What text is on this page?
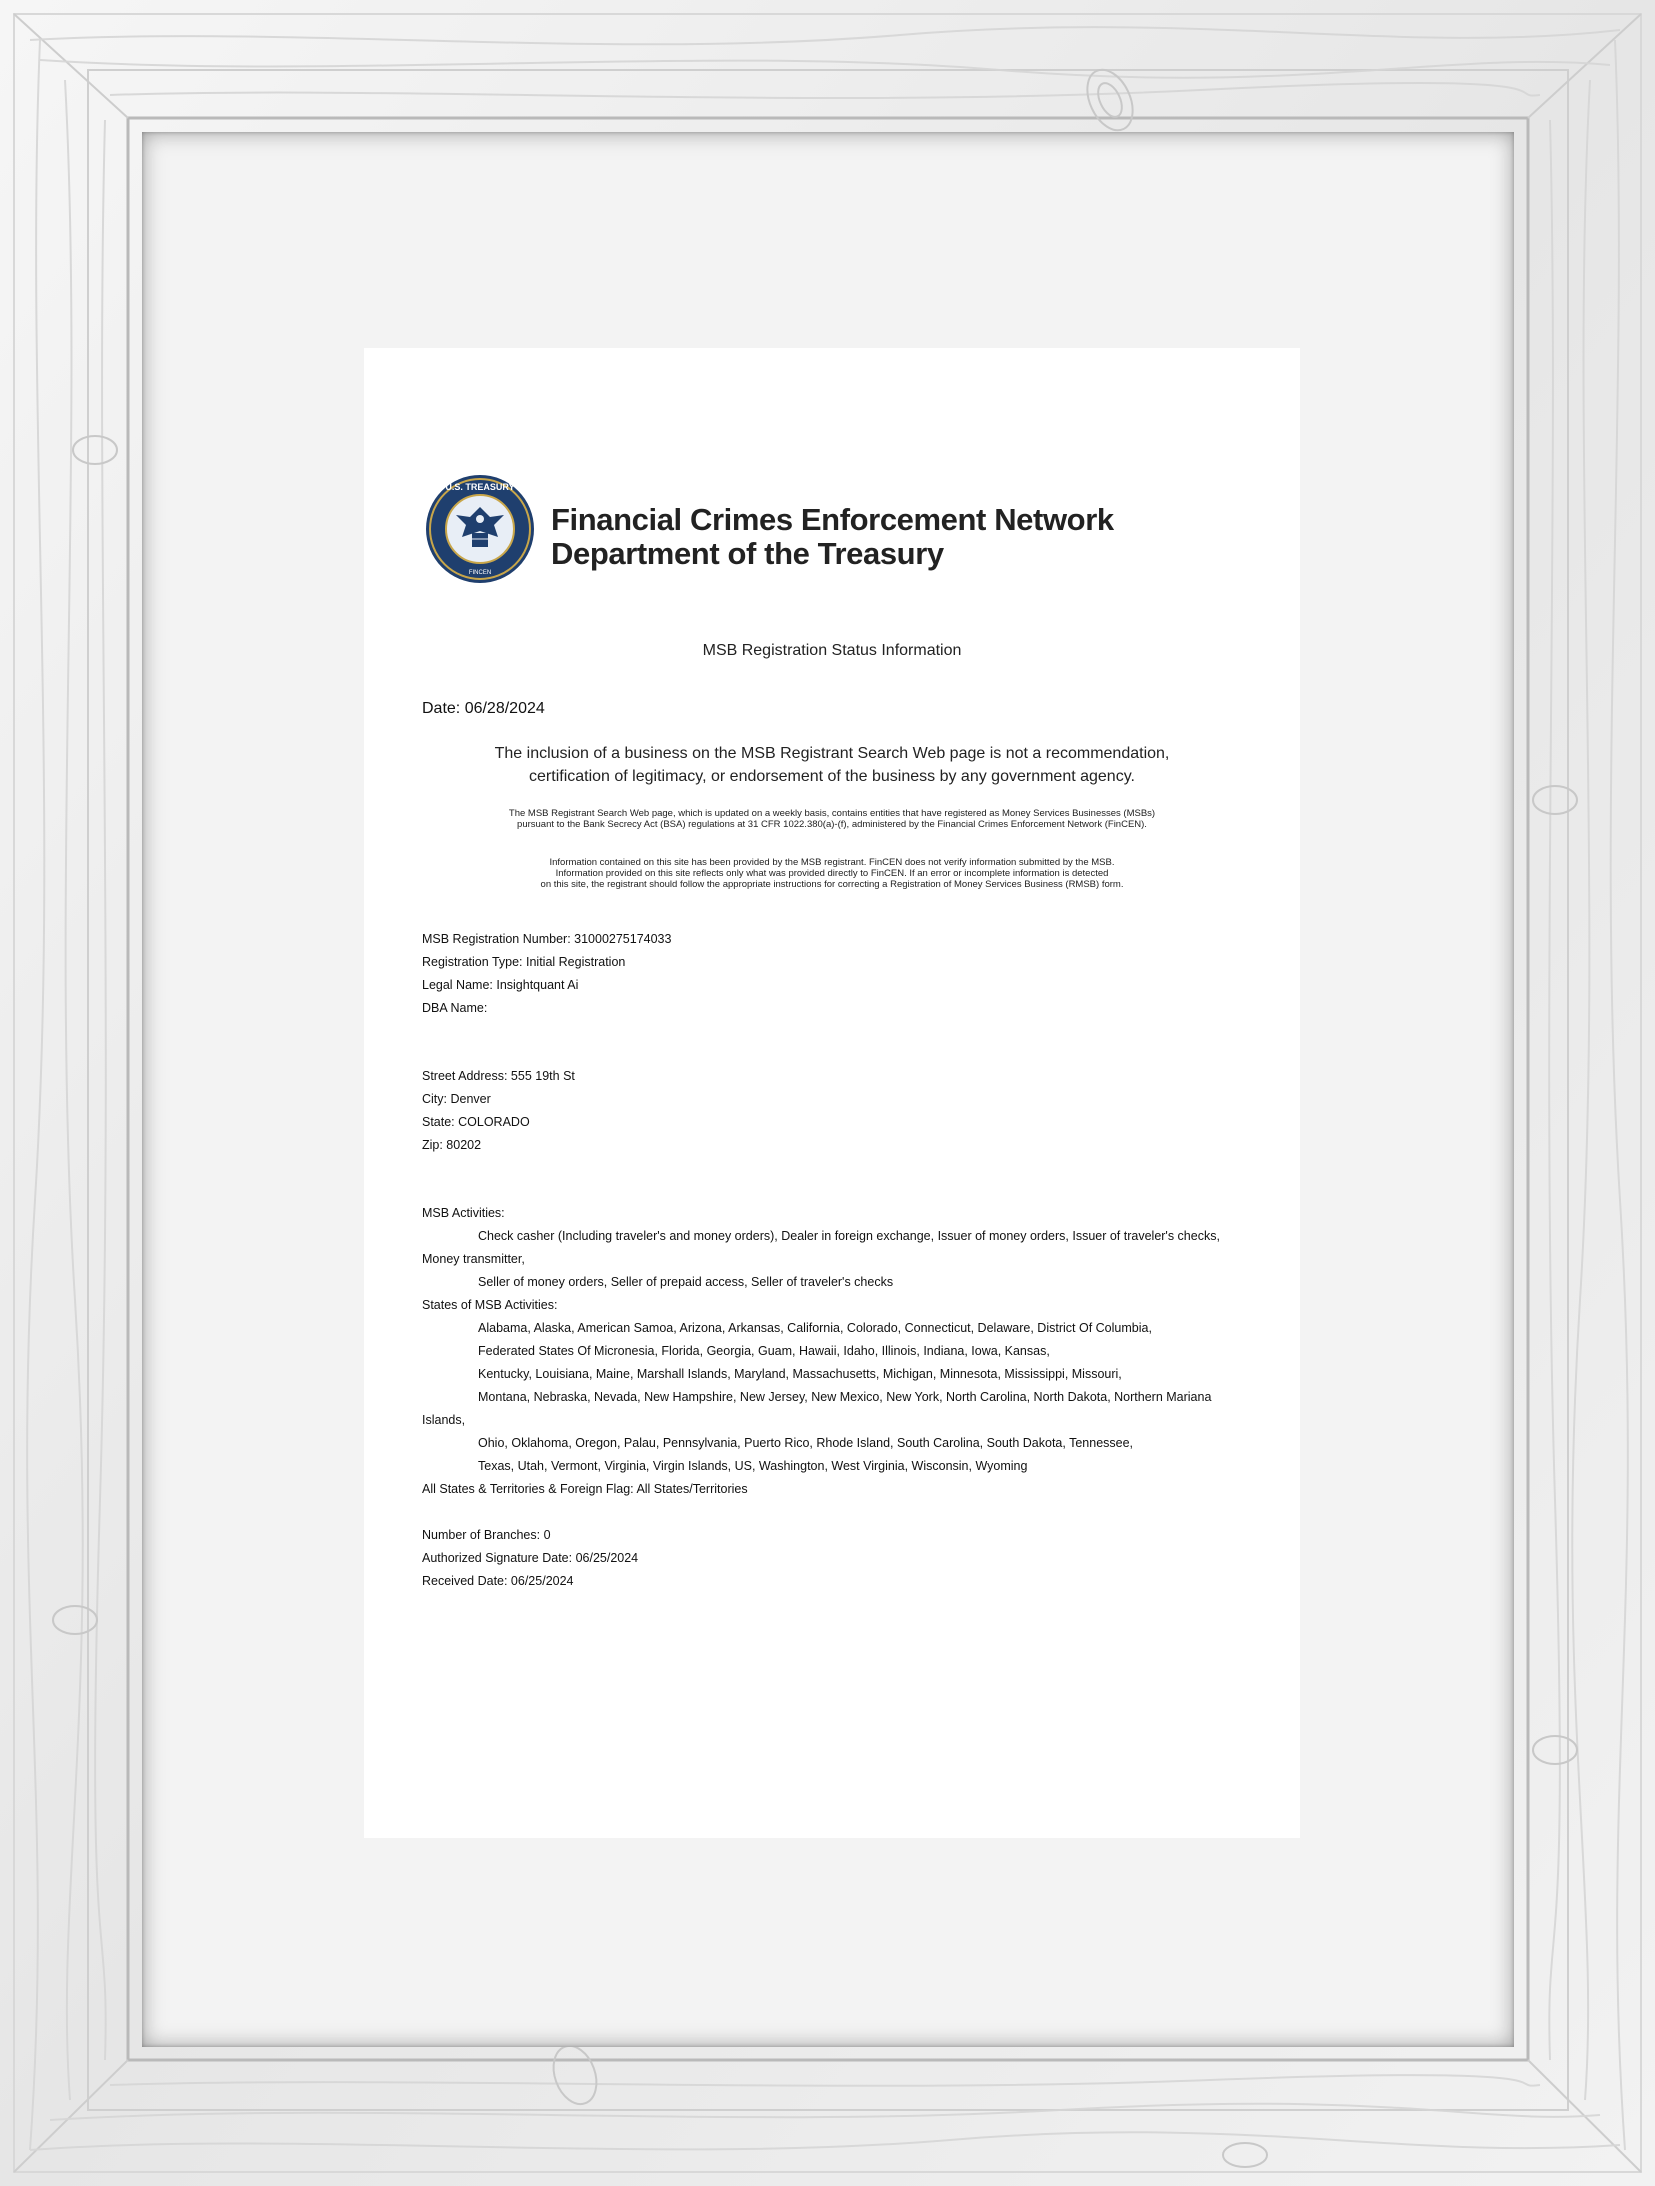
U.S. TREASURY
FINCEN
Financial Crimes Enforcement Network
Department of the Treasury
MSB Registration Status Information
Date: 06/28/2024
The inclusion of a business on the MSB Registrant Search Web page is not a recommendation,
certification of legitimacy, or endorsement of the business by any government agency.
The MSB Registrant Search Web page, which is updated on a weekly basis, contains entities that have registered as Money Services Businesses (MSBs)
pursuant to the Bank Secrecy Act (BSA) regulations at 31 CFR 1022.380(a)-(f), administered by the Financial Crimes Enforcement Network (FinCEN).
Information contained on this site has been provided by the MSB registrant. FinCEN does not verify information submitted by the MSB.
Information provided on this site reflects only what was provided directly to FinCEN. If an error or incomplete information is detected
on this site, the registrant should follow the appropriate instructions for correcting a Registration of Money Services Business (RMSB) form.
MSB Registration Number: 31000275174033
Registration Type: Initial Registration
Legal Name: Insightquant Ai
DBA Name:
Street Address: 555 19th St
City: Denver
State: COLORADO
Zip: 80202
MSB Activities:
Check casher (Including traveler's and money orders), Dealer in foreign exchange, Issuer of money orders, Issuer of traveler's checks,
Money transmitter,
Seller of money orders, Seller of prepaid access, Seller of traveler's checks
States of MSB Activities:
Alabama, Alaska, American Samoa, Arizona, Arkansas, California, Colorado, Connecticut, Delaware, District Of Columbia,
Federated States Of Micronesia, Florida, Georgia, Guam, Hawaii, Idaho, Illinois, Indiana, Iowa, Kansas,
Kentucky, Louisiana, Maine, Marshall Islands, Maryland, Massachusetts, Michigan, Minnesota, Mississippi, Missouri,
Montana, Nebraska, Nevada, New Hampshire, New Jersey, New Mexico, New York, North Carolina, North Dakota, Northern Mariana
Islands,
Ohio, Oklahoma, Oregon, Palau, Pennsylvania, Puerto Rico, Rhode Island, South Carolina, South Dakota, Tennessee,
Texas, Utah, Vermont, Virginia, Virgin Islands, US, Washington, West Virginia, Wisconsin, Wyoming
All States & Territories & Foreign Flag: All States/Territories
Number of Branches: 0
Authorized Signature Date: 06/25/2024
Received Date: 06/25/2024
